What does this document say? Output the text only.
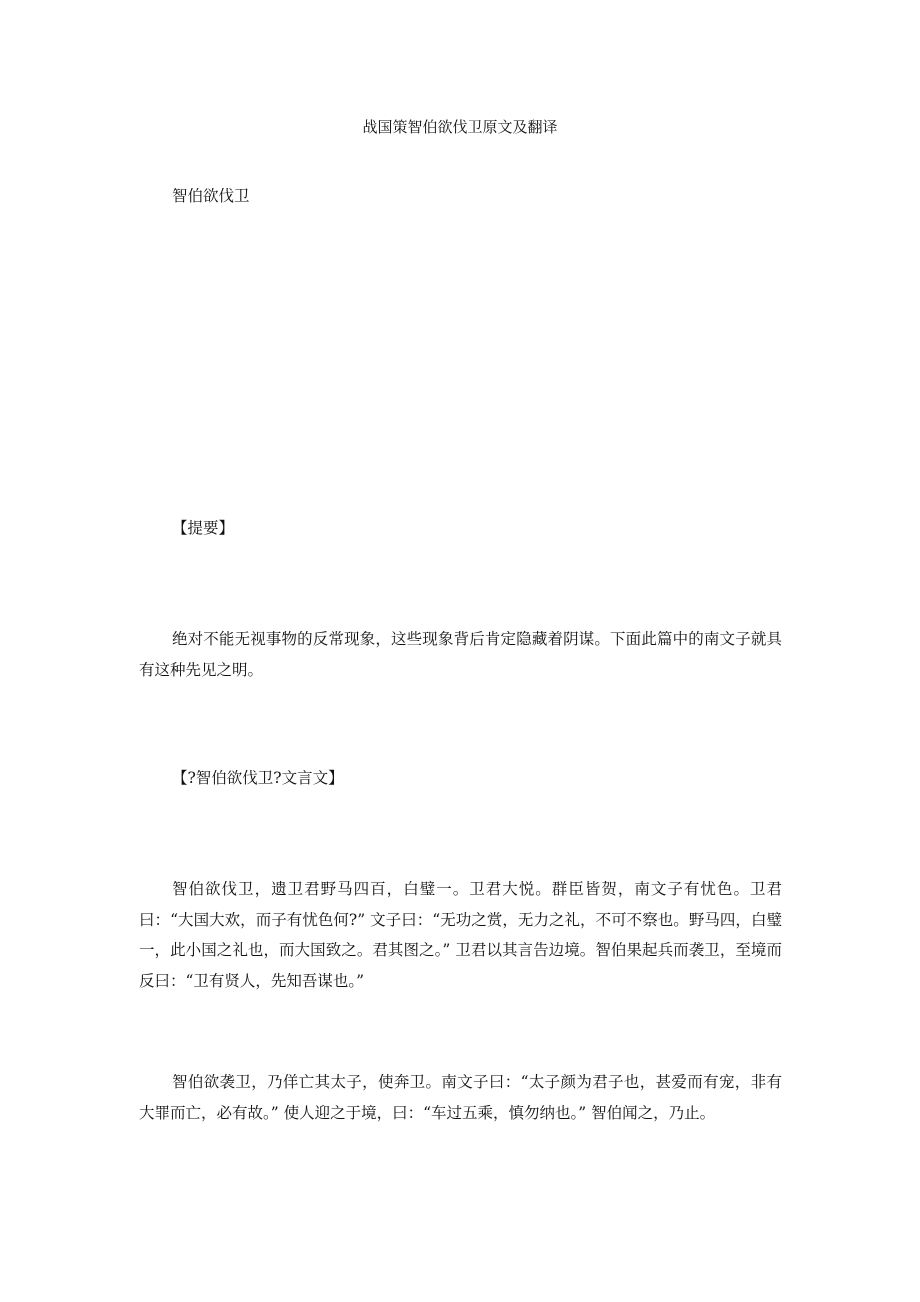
战国策智伯欲伐卫原文及翻译
智伯欲伐卫
【提要】

绝对不能无视事物的反常现象，这些现象背后肯定隐藏着阴谋。下面此篇中的南文子就具有这种先见之明。

【?智伯欲伐卫?文言文】

智伯欲伐卫，遗卫君野马四百，白璧一。卫君大悦。群臣皆贺，南文子有忧色。卫君曰：“大国大欢，而子有忧色何?” 文子曰：“无功之赏，无力之礼，不可不察也。野马四，白璧一，此小国之礼也，而大国致之。君其图之。” 卫君以其言告边境。智伯果起兵而袭卫，至境而反曰：“卫有贤人，先知吾谋也。”

智伯欲袭卫，乃佯亡其太子，使奔卫。南文子曰：“太子颜为君子也，甚爱而有宠，非有大罪而亡，必有故。” 使人迎之于境，曰：“车过五乘，慎勿纳也。” 智伯闻之，乃止。
